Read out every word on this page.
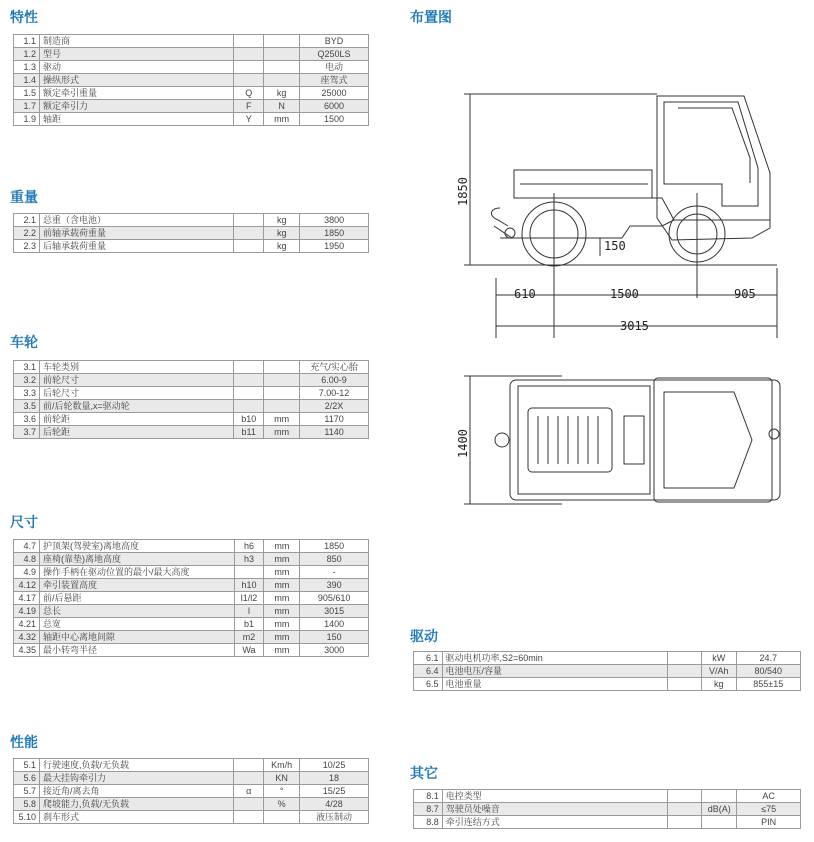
特性
1.1	制造商			BYD
1.2	型号			Q250LS
1.3	驱动			电动
1.4	操纵形式			座驾式
1.5	额定牵引重量	Q	kg	25000
1.7	额定牵引力	F	N	6000
1.9	轴距	Y	mm	1500
重量
2.1	总重（含电池）		kg	3800
2.2	前轴承载荷重量		kg	1850
2.3	后轴承载荷重量		kg	1950
车轮
3.1	车轮类别			充气/实心胎
3.2	前轮尺寸			6.00-9
3.3	后轮尺寸			7.00-12
3.5	前/后轮数量,x=驱动轮			2/2X
3.6	前轮距	b10	mm	1170
3.7	后轮距	b11	mm	1140
尺寸
4.7	护顶架(驾驶室)离地高度	h6	mm	1850
4.8	座椅(靠垫)离地高度	h3	mm	850
4.9	操作手柄在驱动位置的最小/最大高度		mm	-
4.12	牵引装置高度	h10	mm	390
4.17	前/后悬距	l1/l2	mm	905/610
4.19	总长	l	mm	3015
4.21	总宽	b1	mm	1400
4.32	轴距中心离地间隙	m2	mm	150
4.35	最小转弯半径	Wa	mm	3000
性能
5.1	行驶速度,负载/无负载		Km/h	10/25
5.6	最大挂钩牵引力		KN	18
5.7	接近角/离去角	α	°	15/25
5.8	爬坡能力,负载/无负载		%	4/28
5.10	刹车形式			液压制动
布置图
驱动
6.1	驱动电机功率,S2=60min		kW	24.7
6.4	电池电压/容量		V/Ah	80/540
6.5	电池重量		kg	855±15
其它
8.1	电控类型			AC
8.7	驾驶员处噪音		dB(A)	≤75
8.8	牵引连结方式			PIN
1850
150
610	1500	905
3015
1400
